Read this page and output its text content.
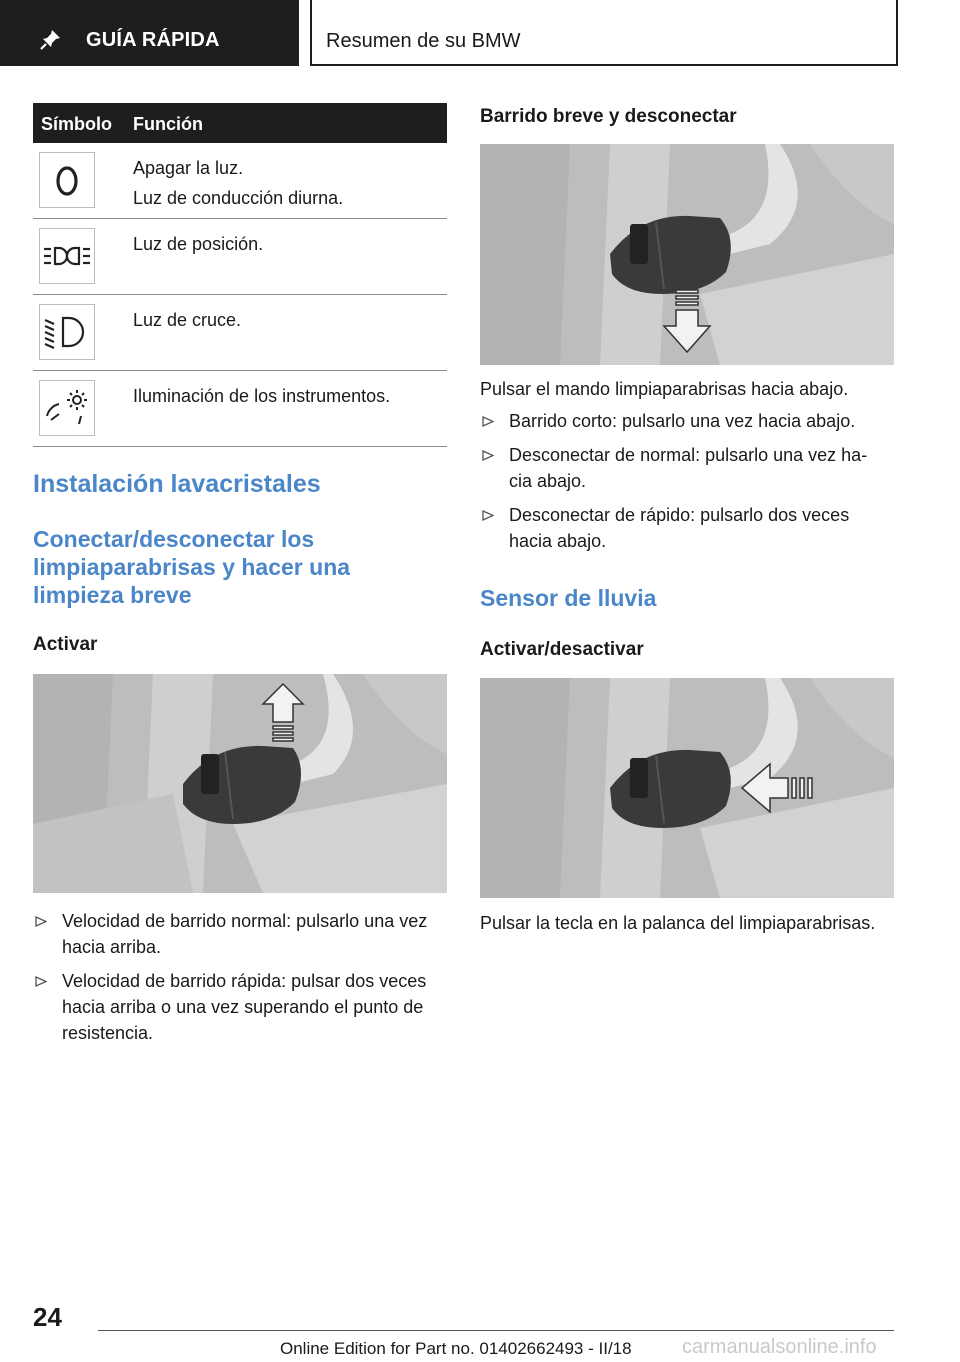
GUÍA RÁPIDA	Resumen de su BMW
Símbolo Función
Apagar la luz.
Luz de conducción diurna.
Luz de posición.
Luz de cruce.
Iluminación de los instrumentos.
Instalación lavacristales
Conectar/desconectar los
limpiaparabrisas y hacer una
limpieza breve
Activar
Velocidad de barrido normal: pulsarlo una vez
hacia arriba.
Velocidad de barrido rápida: pulsar dos veces
hacia arriba o una vez superando el punto de
resistencia.
Barrido breve y desconectar
Pulsar el mando limpiaparabrisas hacia abajo.
Barrido corto: pulsarlo una vez hacia abajo.
Desconectar de normal: pulsarlo una vez ha‐
cia abajo.
Desconectar de rápido: pulsarlo dos veces
hacia abajo.
Sensor de lluvia
Activar/desactivar
Pulsar la tecla en la palanca del limpiaparabrisas.
24
Online Edition for Part no. 01402662493 - II/18	carmanualsonline.info
